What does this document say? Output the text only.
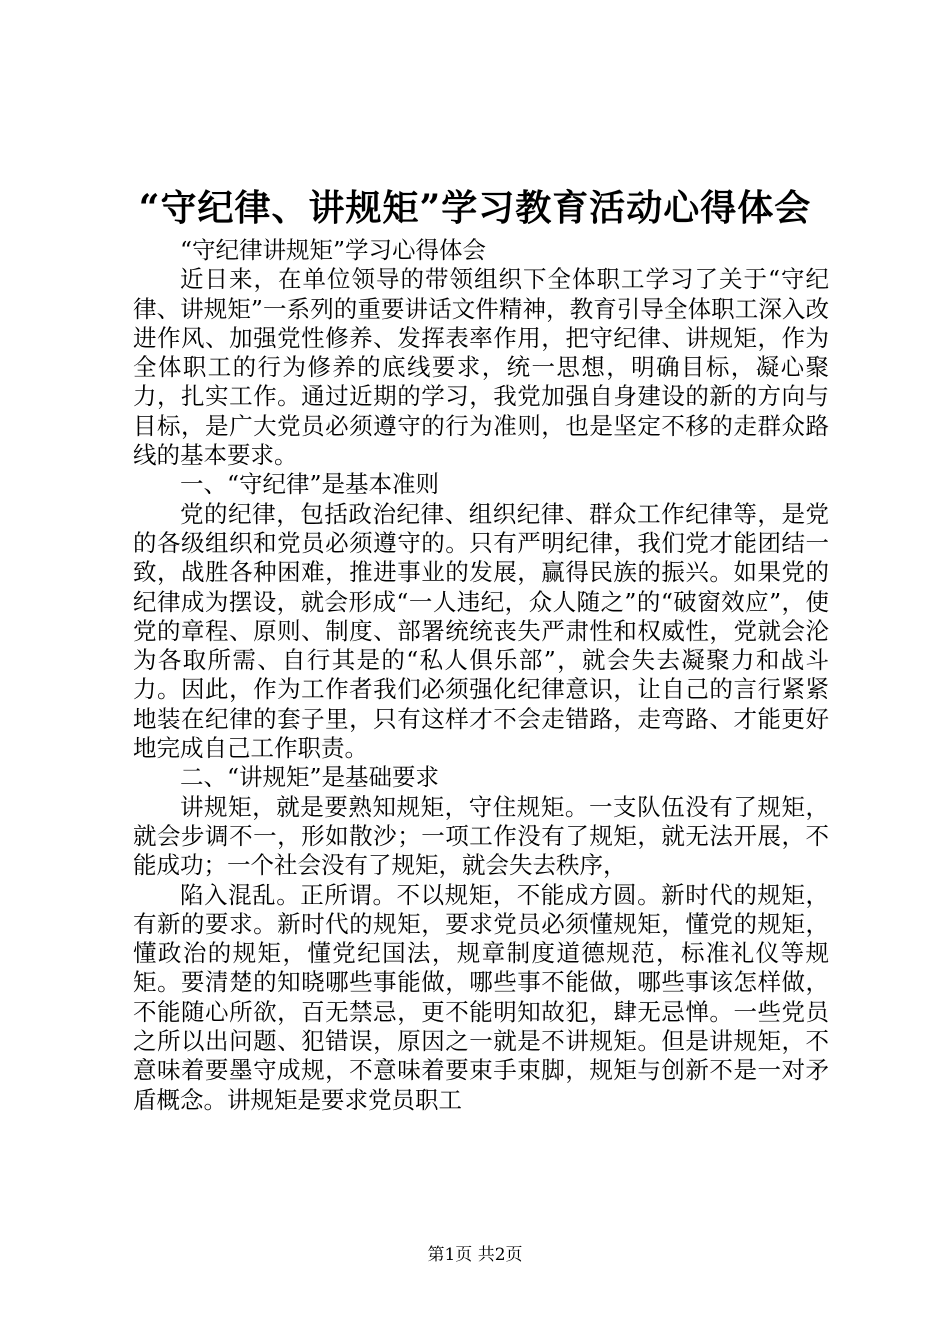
“守纪律、讲规矩”学习教育活动心得体会

“守纪律讲规矩”学习心得体会

近日来，在单位领导的带领组织下全体职工学习了关于“守纪律、讲规矩”一系列的重要讲话文件精神，教育引导全体职工深入改进作风、加强党性修养、发挥表率作用，把守纪律、讲规矩，作为全体职工的行为修养的底线要求，统一思想，明确目标，凝心聚力，扎实工作。通过近期的学习，我党加强自身建设的新的方向与目标，是广大党员必须遵守的行为准则，也是坚定不移的走群众路线的基本要求。

一、“守纪律”是基本准则

党的纪律，包括政治纪律、组织纪律、群众工作纪律等，是党的各级组织和党员必须遵守的。只有严明纪律，我们党才能团结一致，战胜各种困难，推进事业的发展，赢得民族的振兴。如果党的纪律成为摆设，就会形成“一人违纪，众人随之”的“破窗效应”，使党的章程、原则、制度、部署统统丧失严肃性和权威性，党就会沦为各取所需、自行其是的“私人俱乐部”，就会失去凝聚力和战斗力。因此，作为工作者我们必须强化纪律意识，让自己的言行紧紧地装在纪律的套子里，只有这样才不会走错路，走弯路、才能更好地完成自己工作职责。

二、“讲规矩”是基础要求

讲规矩，就是要熟知规矩，守住规矩。一支队伍没有了规矩，就会步调不一，形如散沙；一项工作没有了规矩，就无法开展，不能成功；一个社会没有了规矩，就会失去秩序，

陷入混乱。正所谓。不以规矩，不能成方圆。新时代的规矩，有新的要求。新时代的规矩，要求党员必须懂规矩，懂党的规矩，懂政治的规矩，懂党纪国法，规章制度道德规范，标准礼仪等规矩。要清楚的知晓哪些事能做，哪些事不能做，哪些事该怎样做，不能随心所欲，百无禁忌，更不能明知故犯，肆无忌惮。一些党员之所以出问题、犯错误，原因之一就是不讲规矩。但是讲规矩，不意味着要墨守成规，不意味着要束手束脚，规矩与创新不是一对矛盾概念。讲规矩是要求党员职工

第1页 共2页
